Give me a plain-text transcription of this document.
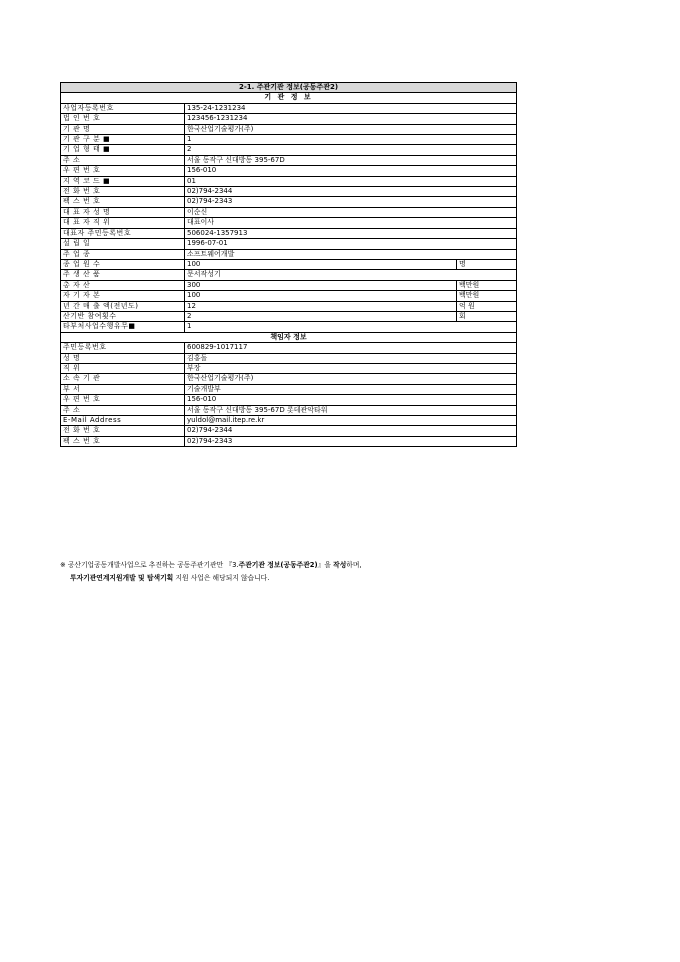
2-1. 주관기관 정보(공동주관2)		
기 관 정 보		
사업자등록번호	135-24-1231234	
법 인 번 호	123456-1231234	
기 관 명	한국산업기술평가(주)	
기 관 구 분 ■	1	
기 업 형 태 ■	2	
주 소	서울 동작구 신대방동 395-67D	
우 편 번 호	156-010	
지 역 코 드 ■	01	
전 화 번 호	02)794-2344	
팩 스 번 호	02)794-2343	
대 표 자 성 명	이순신	
대 표 자 직 위	대표이사	
대표자 주민등록번호	506024-1357913	
설 립 일	1996-07-01	
주 업 종	소프트웨어개발	
종 업 원 수	100	명
주 생 산 품	문서작성기	
총 자 산	300	백만원
자 기 자 본	100	백만원
년 간 매 출 액(전년도)	12	억 원
산기반 참여횟수	2	회
타부처사업수행유무■	1	
책임자 정보		
주민등록번호	600829-1017117	
성 명	김홍돌	
직 위	부장	
소 속 기 관	한국산업기술평가(주)	
부 서	기술개발부	
우 편 번 호	156-010	
주 소	서울 동작구 신대방동 395-67D 롯데관악타워	
E-Mail Address	yuldol@mail.itep.re.kr	
전 화 번 호	02)794-2344	
팩 스 번 호	02)794-2343	
※ 공산기업공동개발사업으로 추진하는 공동주관기관만 『3.주관기관 정보(공동주관2)』을 작성하며,
투자기관연계지원개발 및 탐색기획 지원 사업은 해당되지 않습니다.
